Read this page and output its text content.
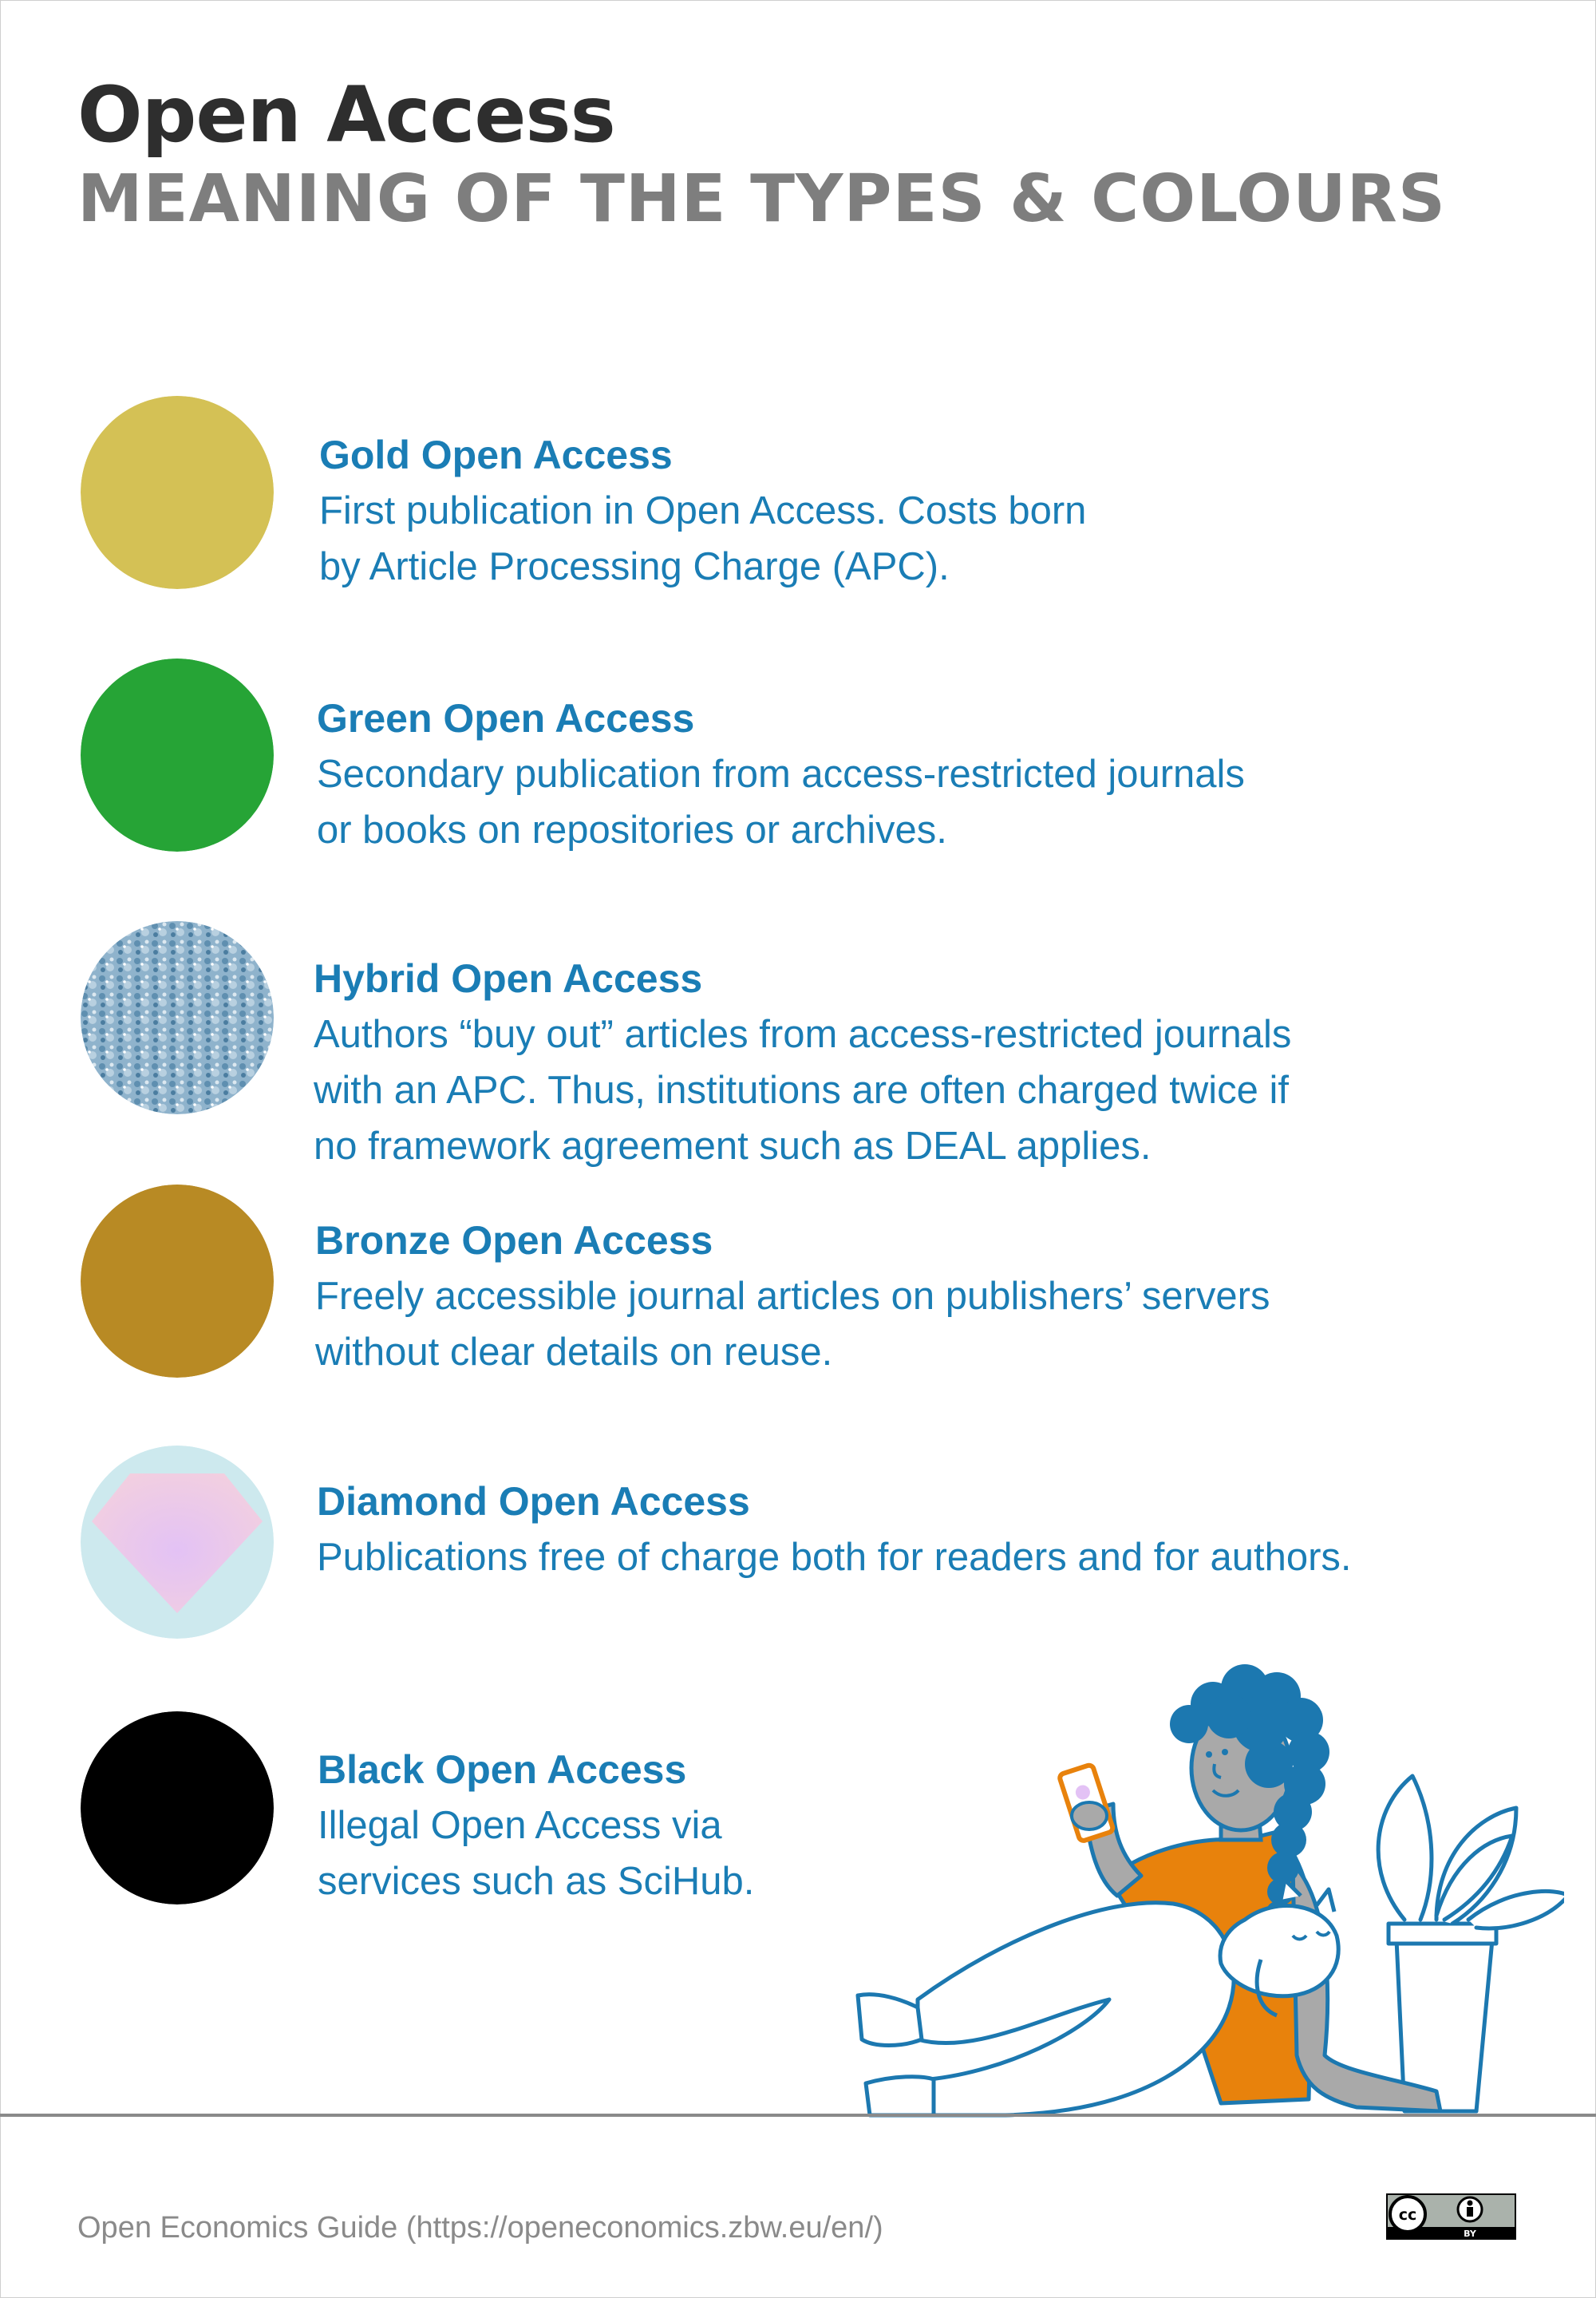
Open Access
MEANING OF THE TYPES & COLOURS
Gold Open Access

First publication in Open Access. Costs born
by Article Processing Charge (APC).

Green Open Access

Secondary publication from access-restricted journals
or books on repositories or archives.

Hybrid Open Access

Authors “buy out” articles from access-restricted journals
with an APC. Thus, institutions are often charged twice if
no framework agreement such as DEAL applies.

Bronze Open Access

Freely accessible journal articles on publishers’ servers
without clear details on reuse.

Diamond Open Access

Publications free of charge both for readers and for authors.

Black Open Access

Illegal Open Access via
services such as SciHub.

Open Economics Guide (https://openeconomics.zbw.eu/en/)	cc
BY
